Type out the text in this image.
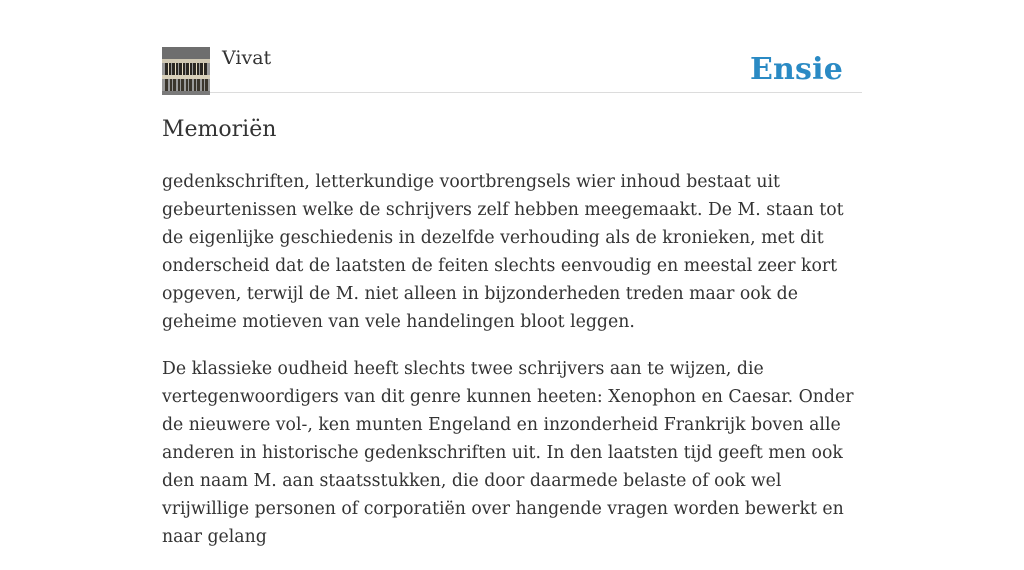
Vivat	Ensie
Memoriën

gedenkschriften, letterkundige voortbrengsels wier inhoud bestaat uit gebeurtenissen welke de schrijvers zelf hebben meegemaakt. De M. staan tot de eigenlijke geschiedenis in dezelfde verhouding als de kronieken, met dit onderscheid dat de laatsten de feiten slechts eenvoudig en meestal zeer kort opgeven, terwijl de M. niet alleen in bijzonderheden treden maar ook de geheime motieven van vele handelingen bloot leggen.

De klassieke oudheid heeft slechts twee schrijvers aan te wijzen, die vertegenwoordigers van dit genre kunnen heeten: Xenophon en Caesar. Onder de nieuwere vol-, ken munten Engeland en inzonderheid Frankrijk boven alle anderen in historische gedenkschriften uit. In den laatsten tijd geeft men ook den naam M. aan staatsstukken, die door daarmede belaste of ook wel vrijwillige personen of corporatiën over hangende vragen worden bewerkt en naar gelang
